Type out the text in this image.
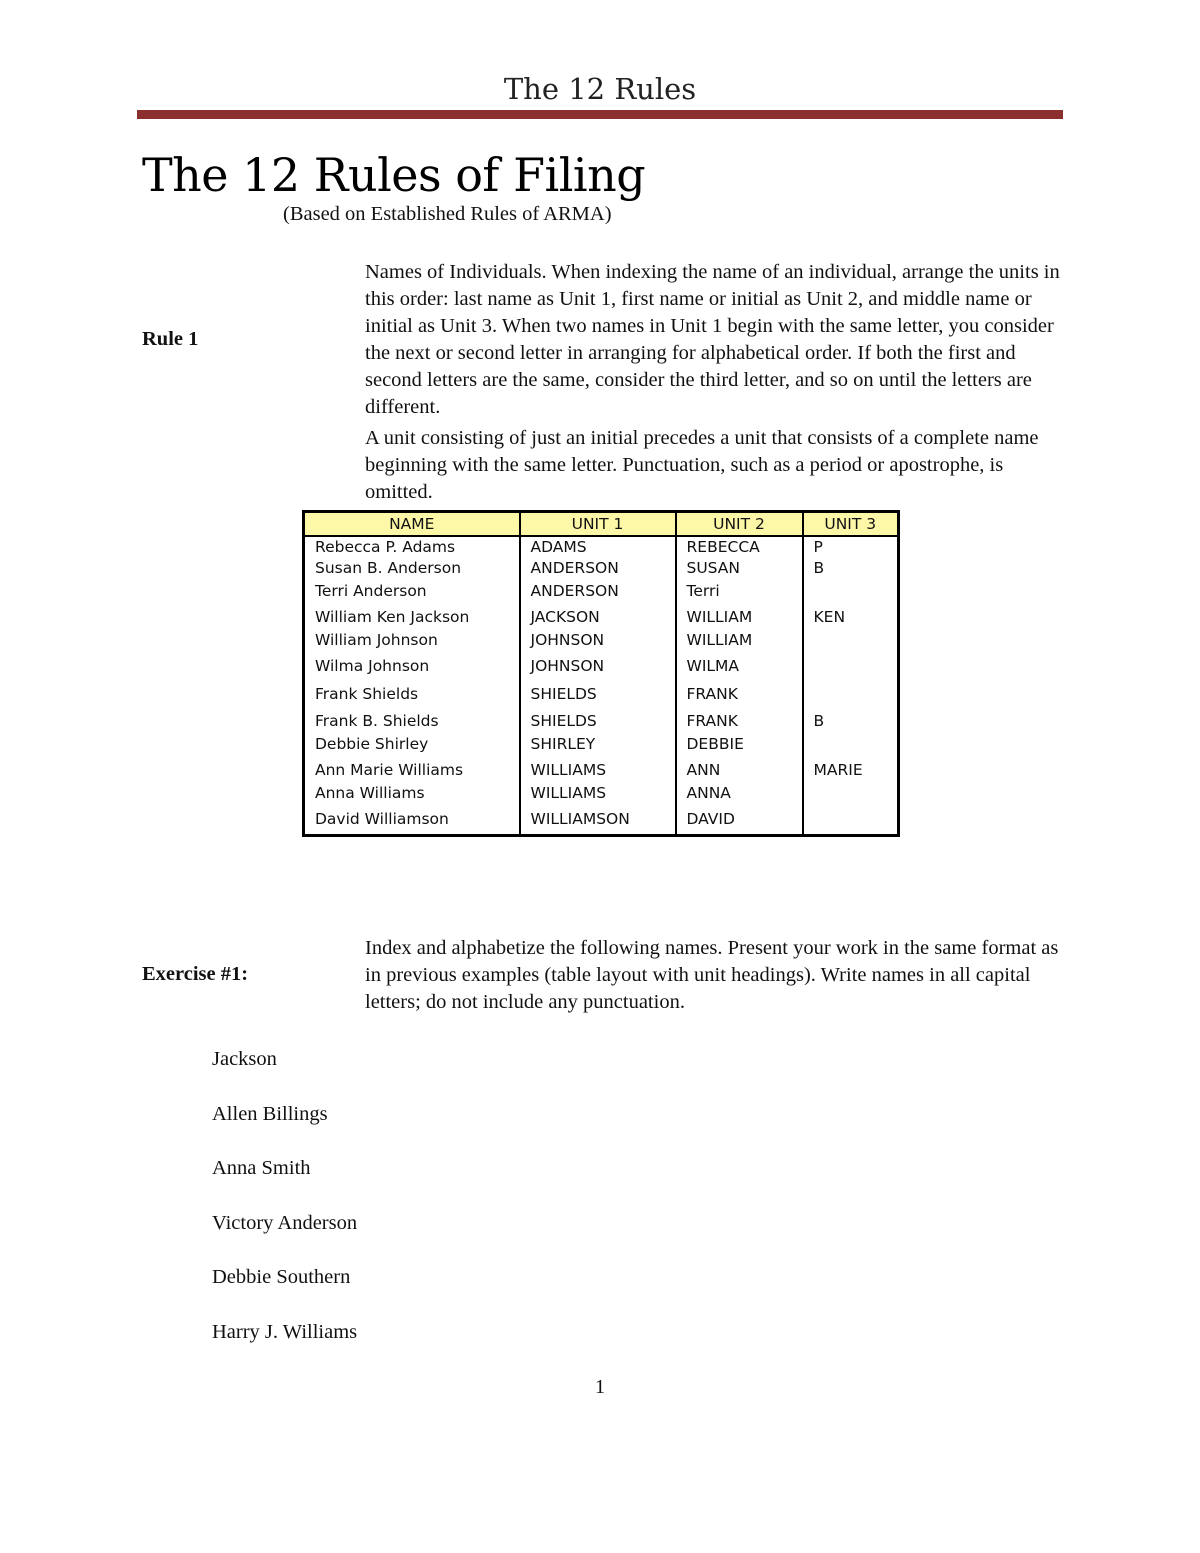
The 12 Rules
The 12 Rules of Filing
(Based on Established Rules of ARMA)
Rule 1

Names of Individuals. When indexing the name of an individual, arrange the units in this order: last name as Unit 1, first name or initial as Unit 2, and middle name or initial as Unit 3. When two names in Unit 1 begin with the same letter, you consider the next or second letter in arranging for alphabetical order. If both the first and second letters are the same, consider the third letter, and so on until the letters are different.

A unit consisting of just an initial precedes a unit that consists of a complete name beginning with the same letter. Punctuation, such as a period or apostrophe, is omitted.

NAME	UNIT 1	UNIT 2	UNIT 3
Rebecca P. Adams	ADAMS	REBECCA	P
Susan B. Anderson	ANDERSON	SUSAN	B
Terri Anderson	ANDERSON	Terri	
William Ken Jackson	JACKSON	WILLIAM	KEN
William Johnson	JOHNSON	WILLIAM	
Wilma Johnson	JOHNSON	WILMA	
Frank Shields	SHIELDS	FRANK	
Frank B. Shields	SHIELDS	FRANK	B
Debbie Shirley	SHIRLEY	DEBBIE	
Ann Marie Williams	WILLIAMS	ANN	MARIE
Anna Williams	WILLIAMS	ANNA	
David Williamson	WILLIAMSON	DAVID	
Exercise #1:
Index and alphabetize the following names. Present your work in the same format as in previous examples (table layout with unit headings). Write names in all capital letters; do not include any punctuation.
Jackson
Allen Billings
Anna Smith
Victory Anderson
Debbie Southern
Harry J. Williams
1
